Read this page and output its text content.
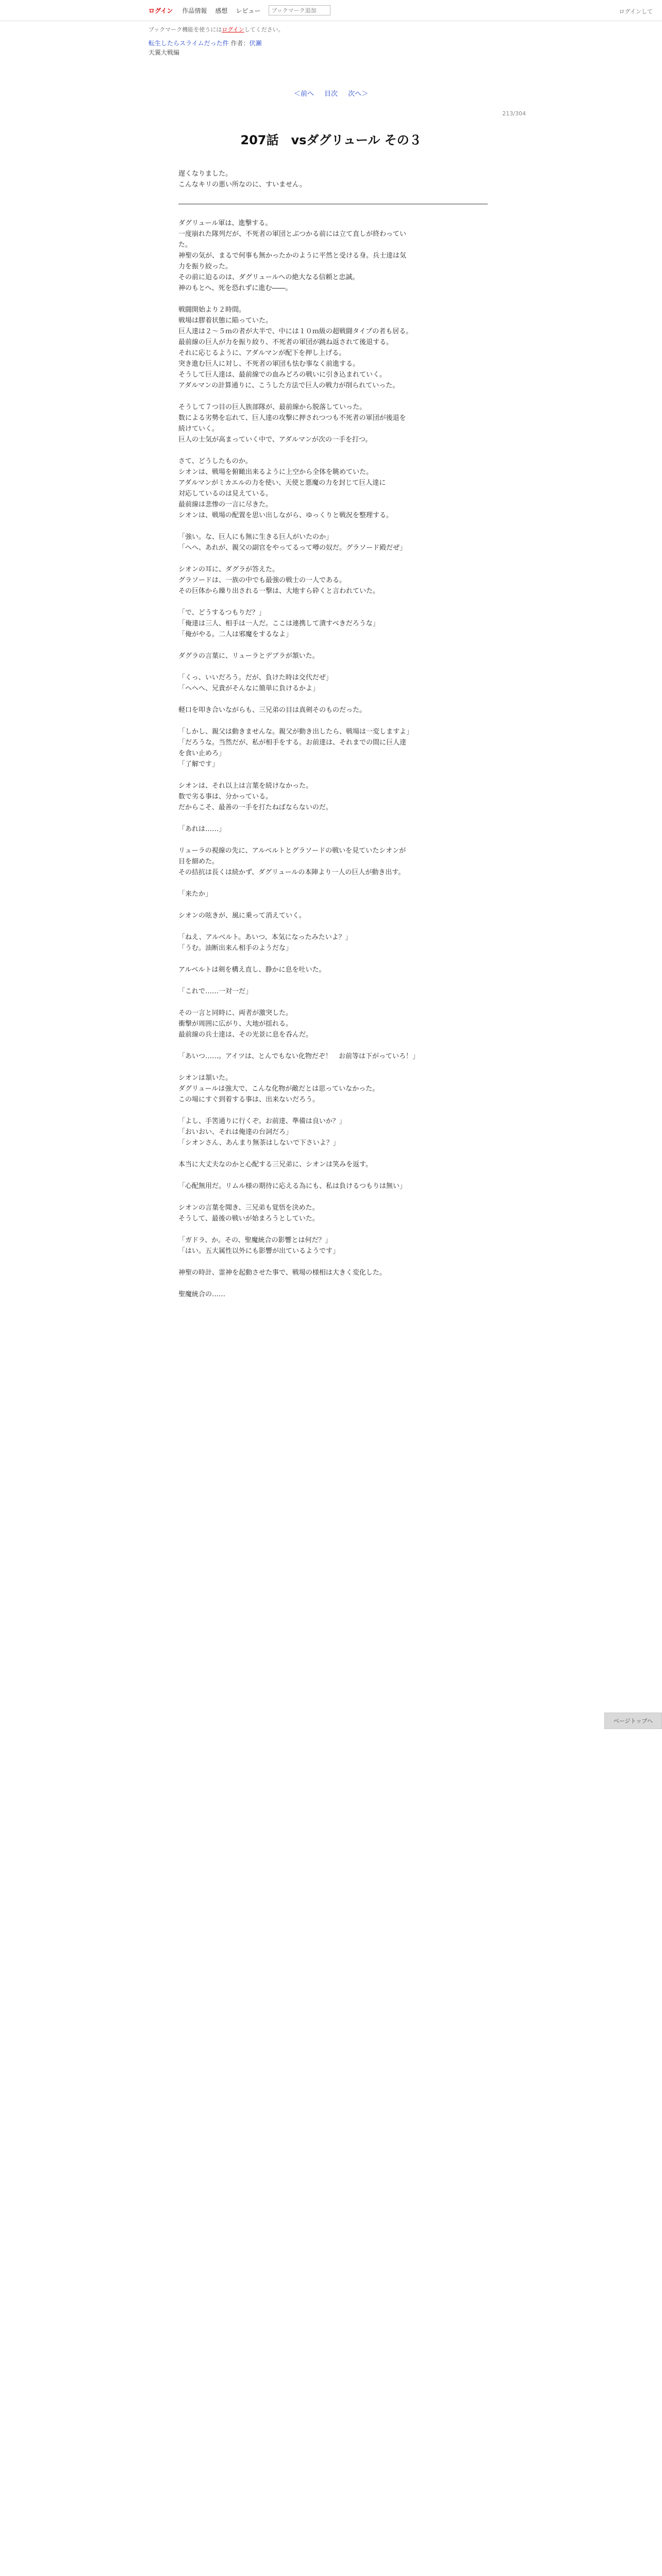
ログイン 作品情報 感想 レビュー
ブックマーク追加	ログインして
ブックマーク機能を使うにはログインしてください。
転生したらスライムだった件 作者：伏瀬
天翼大戦編
＜前へ 目次 次へ＞
213/304
207話　vsダグリュール その３

遅くなりました。

こんなキリの悪い所なのに、すいません。

ダグリュール軍は、進撃する。

一度崩れた隊列だが、不死者の軍団とぶつかる前には立て直しが終わってい

た。

神聖の気が、まるで何事も無かったかのように平然と受ける身。兵士達は気

力を振り絞った。

その前に迫るのは、ダグリュールへの絶大なる信頼と忠誠。

神のもとへ、死を恐れずに進む――。

戦闘開始より２時間。

戦場は膠着状態に陥っていた。

巨人達は２～５ｍの者が大半で、中には１０ｍ級の超戦闘タイプの者も居る。

最前線の巨人が力を振り絞り、不死者の軍団が跳ね返されて後退する。

それに応じるように、アダルマンが配下を押し上げる。

突き進む巨人に対し、不死者の軍団も怯む事なく前進する。

そうして巨人達は、最前線での血みどろの戦いに引き込まれていく。

アダルマンの計算通りに、こうした方法で巨人の戦力が削られていった。

そうして７つ目の巨人族部隊が、最前線から脱落していった。

数による劣勢を忘れて、巨人達の攻撃に押されつつも不死者の軍団が後退を

続けていく。

巨人の士気が高まっていく中で、アダルマンが次の一手を打つ。

さて、どうしたものか。

シオンは、戦場を俯瞰出来るように上空から全体を眺めていた。

アダルマンがミカエルの力を使い、天使と悪魔の力を封じて巨人達に

対応しているのは見えている。

最前線は悲惨の一言に尽きた。

シオンは、戦場の配置を思い出しながら、ゆっくりと戦況を整理する。

「強い。な、巨人にも無に生きる巨人がいたのか」

「へへ、あれが、親父の副官をやってるって噂の奴だ。グラソード殿だぜ」

シオンの耳に、ダグラが答えた。

グラソードは、一族の中でも最強の戦士の一人である。

その巨体から繰り出される一撃は、大地すら砕くと言われていた。

「で、どうするつもりだ？」

「俺達は三人、相手は一人だ。ここは連携して潰すべきだろうな」

「俺がやる。二人は邪魔をするなよ」

ダグラの言葉に、リューラとデブラが頷いた。

「くっ、いいだろう。だが、負けた時は交代だぜ」

「ヘヘへ、兄貴がそんなに簡単に負けるかよ」

軽口を叩き合いながらも、三兄弟の目は真剣そのものだった。

「しかし、親父は動きませんな。親父が動き出したら、戦場は一変しますよ」

「だろうな。当然だが、私が相手をする。お前達は、それまでの間に巨人達

を食い止めろ」

「了解です」

シオンは、それ以上は言葉を続けなかった。

数で劣る事は、分かっている。

だからこそ、最善の一手を打たねばならないのだ。

「あれは……」

リューラの視線の先に、アルベルトとグラソードの戦いを見ていたシオンが

目を細めた。

その拮抗は長くは続かず、ダグリュールの本陣より一人の巨人が動き出す。

「来たか」

シオンの呟きが、風に乗って消えていく。

「ねえ、アルベルト。あいつ、本気になったみたいよ？」

「うむ。油断出来ん相手のようだな」

アルベルトは剣を構え直し、静かに息を吐いた。

「これで……一対一だ」

その一言と同時に、両者が激突した。

衝撃が周囲に広がり、大地が揺れる。

最前線の兵士達は、その光景に息を呑んだ。

「あいつ……。アイツは、とんでもない化物だぞ！　お前等は下がっていろ！」

シオンは頷いた。

ダグリュールは強大で、こんな化物が敵だとは思っていなかった。

この場にすぐ到着する事は、出来ないだろう。

「よし、手筈通りに行くぞ。お前達、準備は良いか？」

「おいおい、それは俺達の台詞だろ」

「シオンさん、あんまり無茶はしないで下さいよ？」

本当に大丈夫なのかと心配する三兄弟に、シオンは笑みを返す。

「心配無用だ。リムル様の期待に応える為にも、私は負けるつもりは無い」

シオンの言葉を聞き、三兄弟も覚悟を決めた。

そうして、最後の戦いが始まろうとしていた。

「ガドラ、か。その、聖魔統合の影響とは何だ？」

「はい。五大属性以外にも影響が出ているようです」

神聖の時計、霊神を起動させた事で、戦場の様相は大きく変化した。

聖魔統合の……

ページトップへ
